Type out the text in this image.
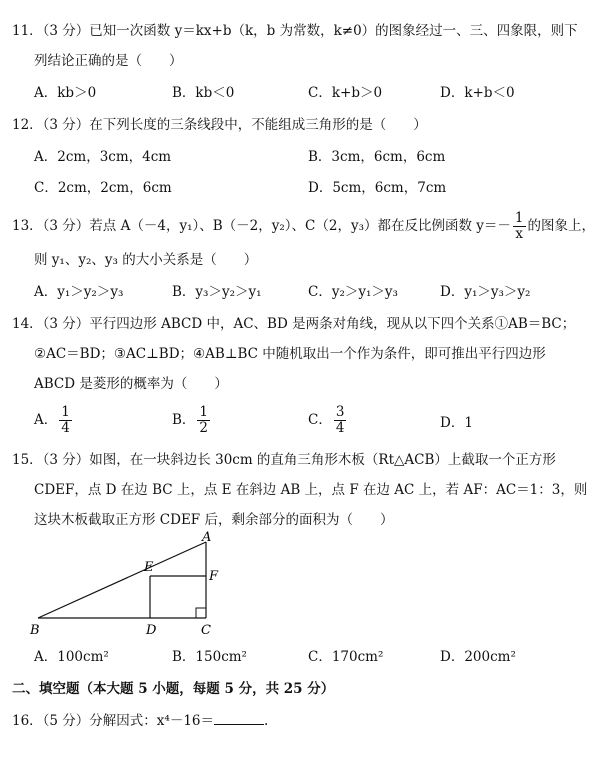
11．（3 分）已知一次函数 y＝kx+b（k，b 为常数，k≠0）的图象经过一、三、四象限，则下
列结论正确的是（　　）
A．kb＞0	B．kb＜0	C．k+b＞0	D．k+b＜0
12．（3 分）在下列长度的三条线段中，不能组成三角形的是（　　）
A．2cm，3cm，4cm	B．3cm，6cm，6cm
C．2cm，2cm，6cm	D．5cm，6cm，7cm
13．（3 分）若点 A（－4，y₁）、B（－2，y₂）、C（2，y₃）都在反比例函数 $y=- \frac{1}{x}$ 的图象上，
则 y₁、y₂、y₃ 的大小关系是（　　）
A．y₁＞y₂＞y₃	B．y₃＞y₂＞y₁	C．y₂＞y₁＞y₃	D．y₁＞y₃＞y₂
14．（3 分）平行四边形 ABCD 中，AC、BD 是两条对角线，现从以下四个关系①AB＝BC；
②AC＝BD；③AC⊥BD；④AB⊥BC 中随机取出一个作为条件，即可推出平行四边形
ABCD 是菱形的概率为（　　）
A． $\frac{1}{4}$	B． $\frac{1}{2}$	C． $\frac{3}{4}$	D．1
15．（3 分）如图，在一块斜边长 30cm 的直角三角形木板（Rt△ACB）上截取一个正方形
CDEF，点 D 在边 BC 上，点 E 在斜边 AB 上，点 F 在边 AC 上，若 AF：AC＝1：3，则
这块木板截取正方形 CDEF 后，剩余部分的面积为（　　）
A
B	C
D
E
F
A．100cm²	B．150cm²	C．170cm²	D．200cm²
二、填空题（本大题 5 小题，每题 5 分，共 25 分）
16．（5 分）分解因式：x⁴－16＝	.
